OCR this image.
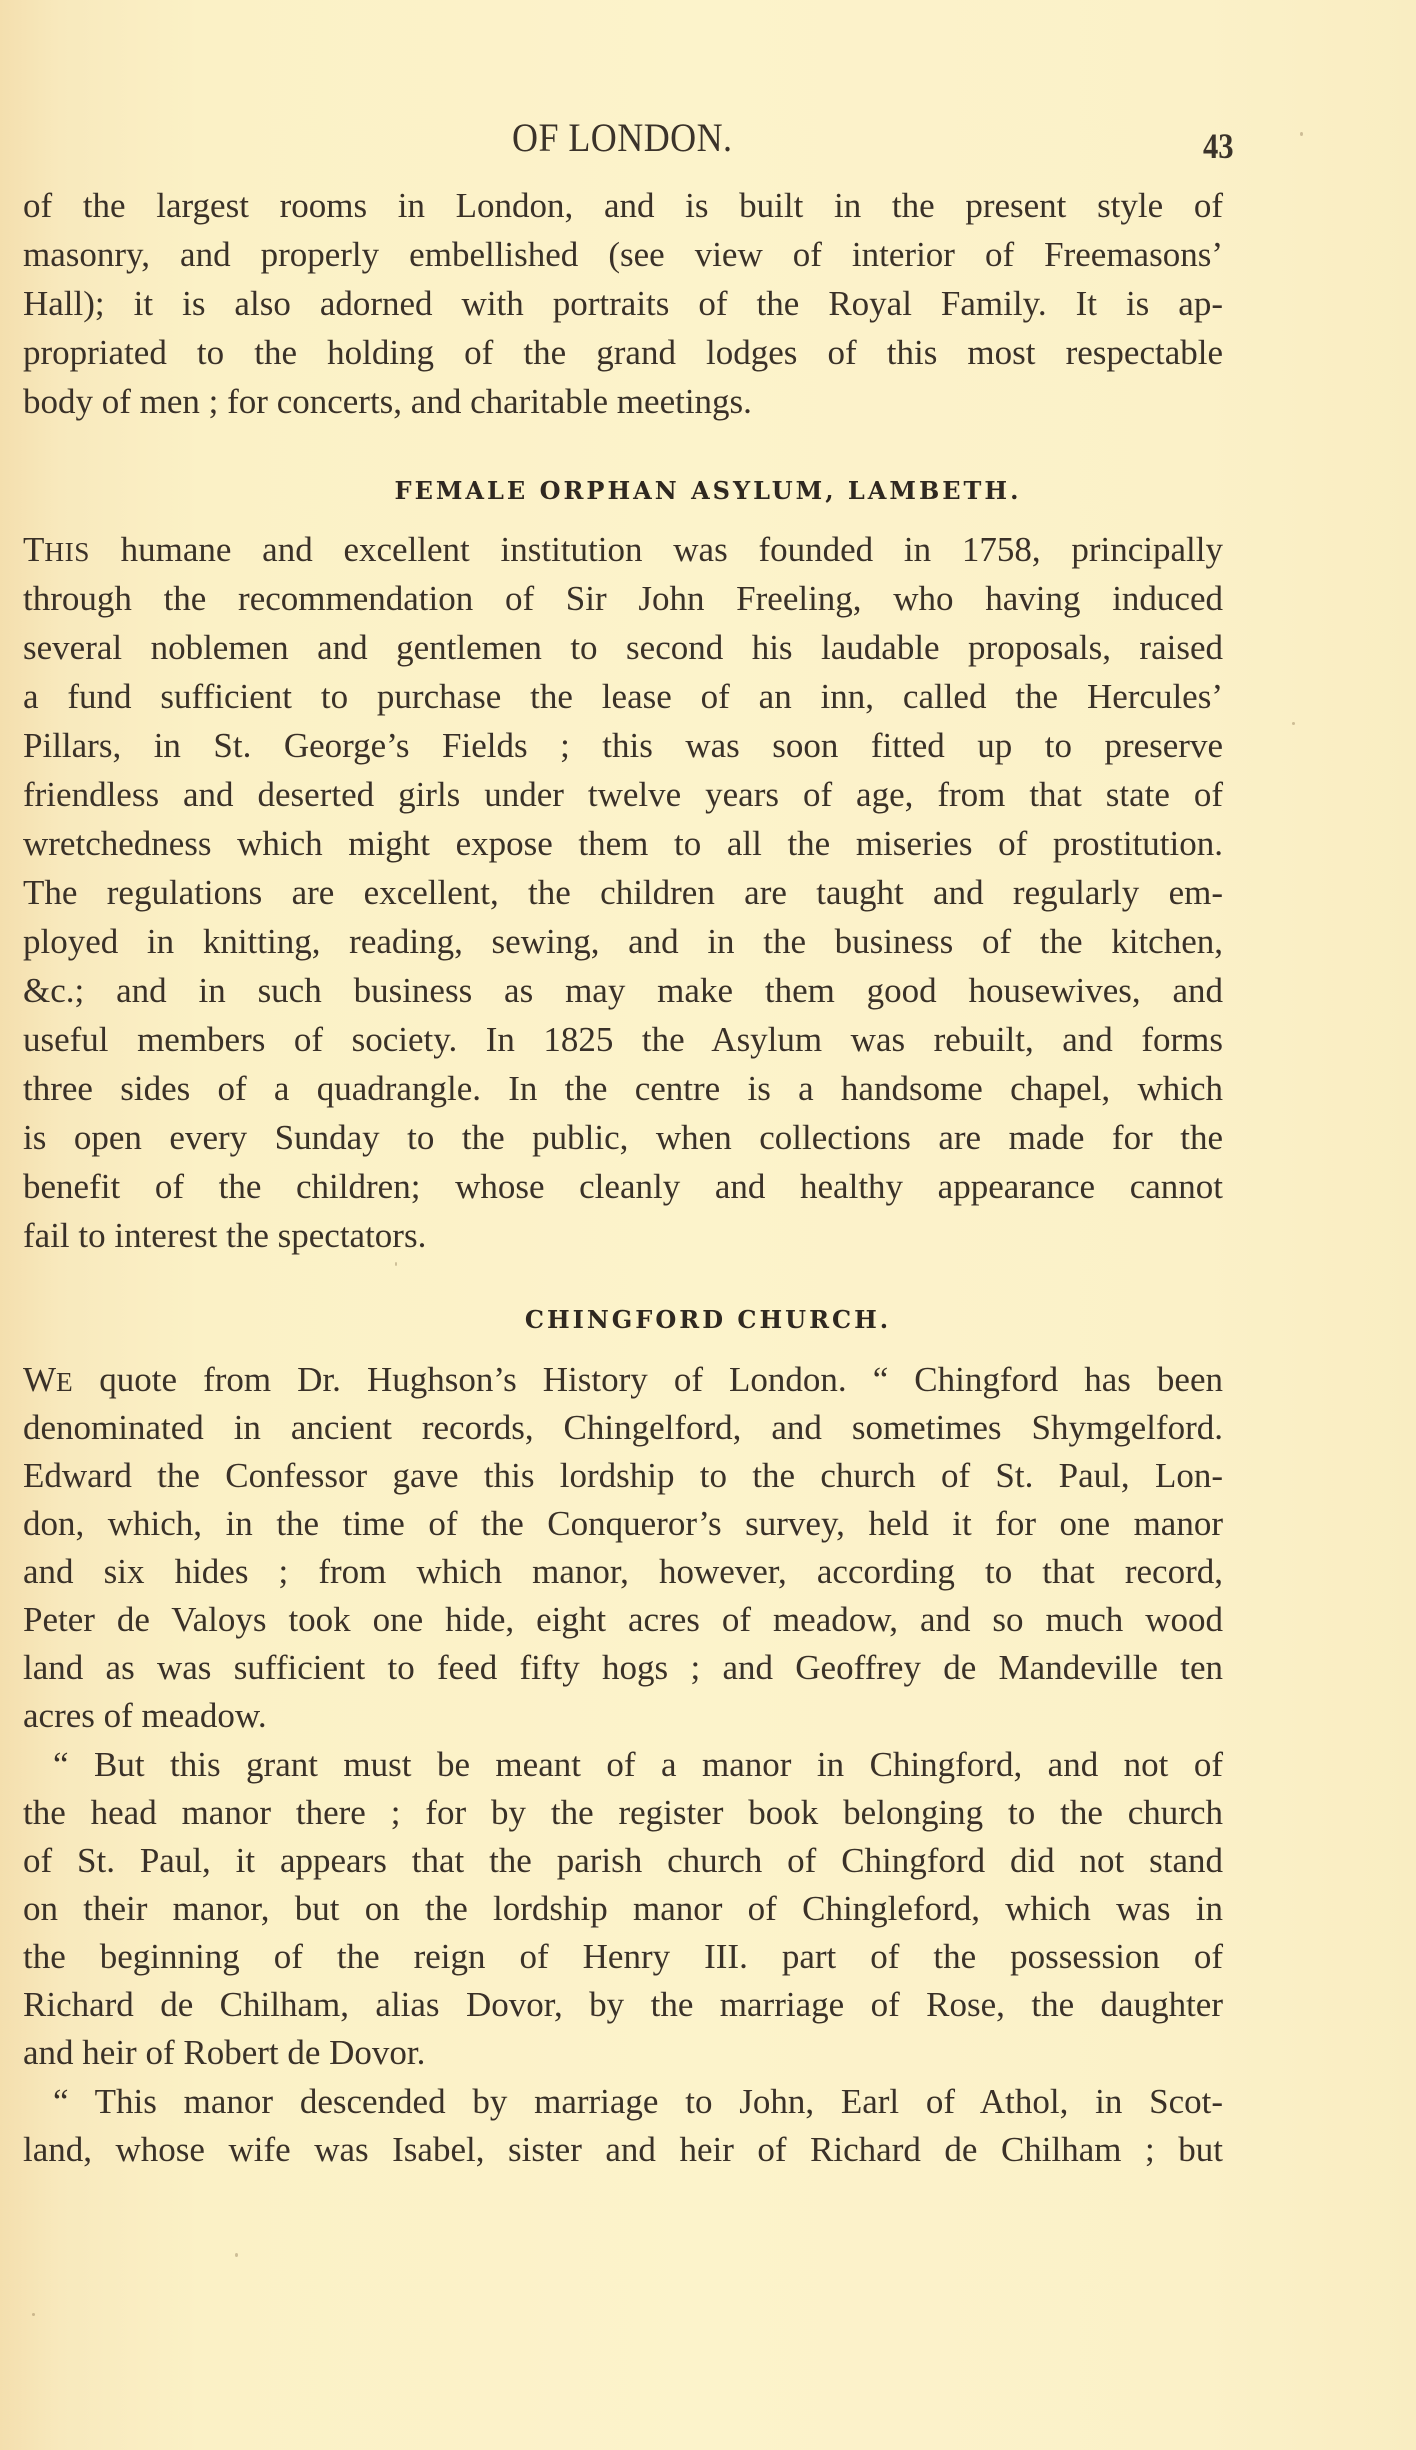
OF LONDON.	43
of the largest rooms in London, and is built in the present style of
masonry, and properly embellished (see view of interior of Freemasons’
Hall); it is also adorned with portraits of the Royal Family. It is ap-
propriated to the holding of the grand lodges of this most respectable
body of men ; for concerts, and charitable meetings.
FEMALE ORPHAN ASYLUM, LAMBETH.
THIS humane and excellent institution was founded in 1758, principally
through the recommendation of Sir John Freeling, who having induced
several noblemen and gentlemen to second his laudable proposals, raised
a fund sufficient to purchase the lease of an inn, called the Hercules’
Pillars, in St. George’s Fields ; this was soon fitted up to preserve
friendless and deserted girls under twelve years of age, from that state of
wretchedness which might expose them to all the miseries of prostitution.
The regulations are excellent, the children are taught and regularly em-
ployed in knitting, reading, sewing, and in the business of the kitchen,
&c.; and in such business as may make them good housewives, and
useful members of society. In 1825 the Asylum was rebuilt, and forms
three sides of a quadrangle. In the centre is a handsome chapel, which
is open every Sunday to the public, when collections are made for the
benefit of the children; whose cleanly and healthy appearance cannot
fail to interest the spectators.
CHINGFORD CHURCH.
WE quote from Dr. Hughson’s History of London. “ Chingford has been
denominated in ancient records, Chingelford, and sometimes Shymgelford.
Edward the Confessor gave this lordship to the church of St. Paul, Lon-
don, which, in the time of the Conqueror’s survey, held it for one manor
and six hides ; from which manor, however, according to that record,
Peter de Valoys took one hide, eight acres of meadow, and so much wood
land as was sufficient to feed fifty hogs ; and Geoffrey de Mandeville ten
acres of meadow.
“ But this grant must be meant of a manor in Chingford, and not of
the head manor there ; for by the register book belonging to the church
of St. Paul, it appears that the parish church of Chingford did not stand
on their manor, but on the lordship manor of Chingleford, which was in
the beginning of the reign of Henry III. part of the possession of
Richard de Chilham, alias Dovor, by the marriage of Rose, the daughter
and heir of Robert de Dovor.
“ This manor descended by marriage to John, Earl of Athol, in Scot-
land, whose wife was Isabel, sister and heir of Richard de Chilham ; but
